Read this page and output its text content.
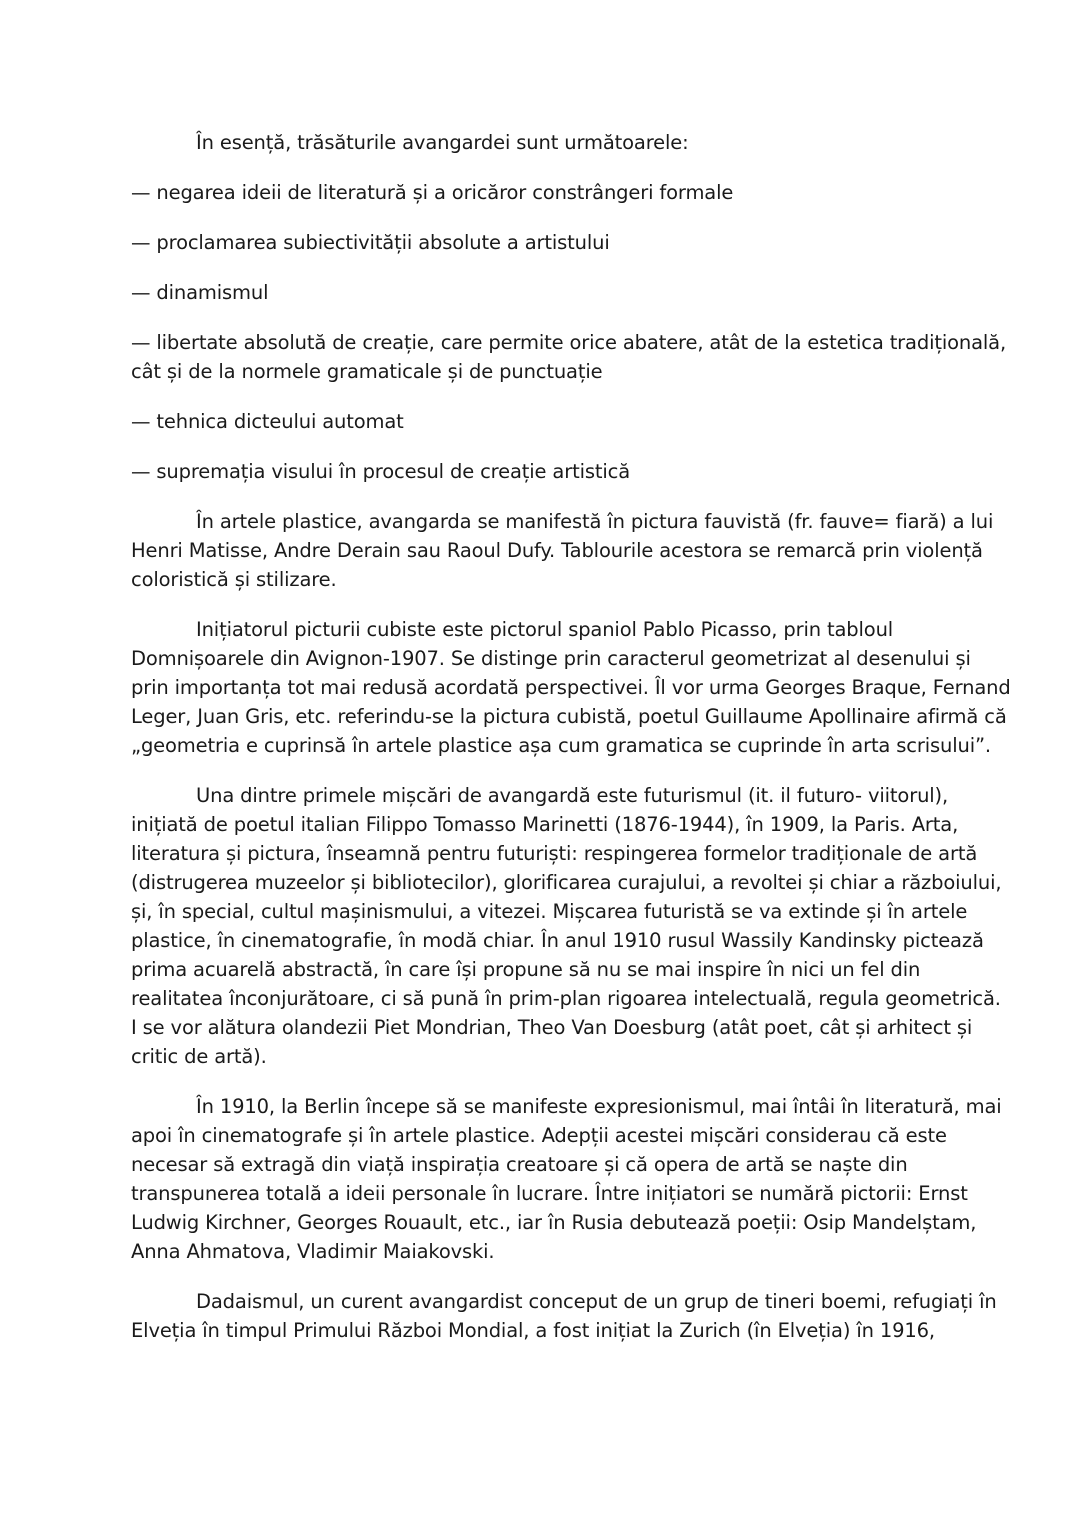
În esență, trăsăturile avangardei sunt următoarele:

— negarea ideii de literatură și a oricăror constrângeri formale

— proclamarea subiectivității absolute a artistului

— dinamismul

— libertate absolută de creație, care permite orice abatere, atât de la estetica tradițională, cât și de la normele gramaticale și de punctuație

— tehnica dicteului automat

— supremația visului în procesul de creație artistică

În artele plastice, avangarda se manifestă în pictura fauvistă (fr. fauve= fiară) a lui Henri Matisse, Andre Derain sau Raoul Dufy. Tablourile acestora se remarcă prin violență coloristică și stilizare.

Inițiatorul picturii cubiste este pictorul spaniol Pablo Picasso, prin tabloul Domnișoarele din Avignon-1907. Se distinge prin caracterul geometrizat al desenului și prin importanța tot mai redusă acordată perspectivei. Îl vor urma Georges Braque, Fernand Leger, Juan Gris, etc. referindu-se la pictura cubistă, poetul Guillaume Apollinaire afirmă că „geometria e cuprinsă în artele plastice așa cum gramatica se cuprinde în arta scrisului”.

Una dintre primele mișcări de avangardă este futurismul (it. il futuro- viitorul), inițiată de poetul italian Filippo Tomasso Marinetti (1876-1944), în 1909, la Paris. Arta, literatura și pictura, înseamnă pentru futuriști: respingerea formelor tradiționale de artă (distrugerea muzeelor și bibliotecilor), glorificarea curajului, a revoltei și chiar a războiului, și, în special, cultul mașinismului, a vitezei. Mișcarea futuristă se va extinde și în artele plastice, în cinematografie, în modă chiar. În anul 1910 rusul Wassily Kandinsky pictează prima acuarelă abstractă, în care își propune să nu se mai inspire în nici un fel din realitatea înconjurătoare, ci să pună în prim-plan rigoarea intelectuală, regula geometrică. I se vor alătura olandezii Piet Mondrian, Theo Van Doesburg (atât poet, cât și arhitect și critic de artă).

În 1910, la Berlin începe să se manifeste expresionismul, mai întâi în literatură, mai apoi în cinematografe și în artele plastice. Adepții acestei mișcări considerau că este necesar să extragă din viață inspirația creatoare și că opera de artă se naște din transpunerea totală a ideii personale în lucrare. Între inițiatori se numără pictorii: Ernst Ludwig Kirchner, Georges Rouault, etc., iar în Rusia debutează poeții: Osip Mandelștam, Anna Ahmatova, Vladimir Maiakovski.

Dadaismul, un curent avangardist conceput de un grup de tineri boemi, refugiați în Elveția în timpul Primului Război Mondial, a fost inițiat la Zurich (în Elveția) în 1916,
